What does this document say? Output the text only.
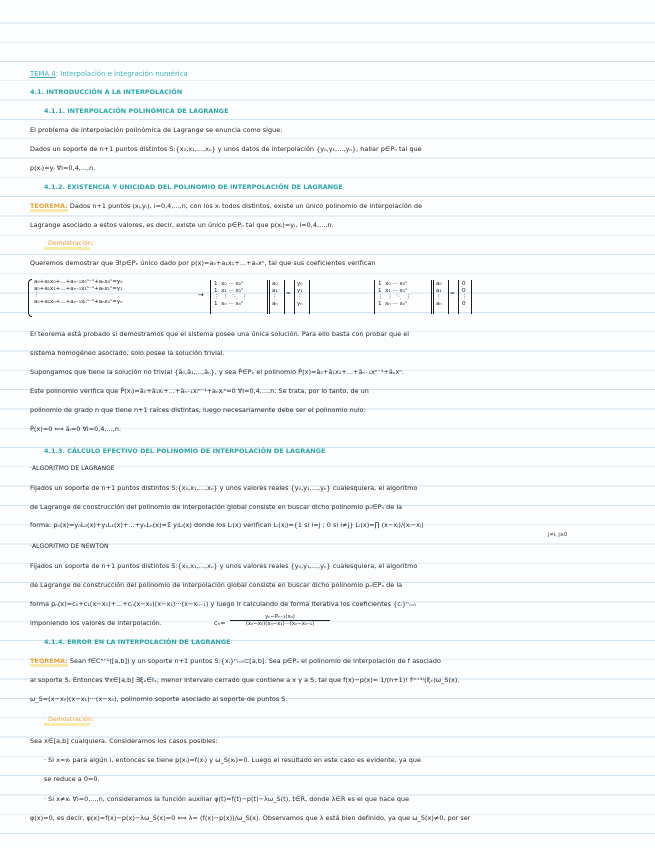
TEMA 4: Interpolación e integración numérica
4.1. INTRODUCCIÓN A LA INTERPOLACIÓN
4.1.1. INTERPOLACIÓN POLINÓMICA DE LAGRANGE
El problema de interpolación polinómica de Lagrange se enuncia como sigue:
Dados un soporte de n+1 puntos distintos S:{x₀,x₁,...,xₙ} y unos datos de interpolación {y₀,y₁,...,yₙ}, hallar p∈Pₙ tal que
p(xᵢ)=yᵢ ∀i=0,4,...,n.
4.1.2. EXISTENCIA Y UNICIDAD DEL POLINOMIO DE INTERPOLACIÓN DE LAGRANGE
TEOREMA: Dados n+1 puntos (xᵢ,yᵢ), i=0,4,...,n, con los xᵢ todos distintos, existe un único polinomio de interpolación de
Lagrange asociado a estos valores, es decir, existe un único p∈Pₙ tal que p(xᵢ)=yᵢ, i=0,4,...,n.
· Demostración:
Queremos demostrar que ∃!p∈Pₙ único dado por p(x)=a₀+a₁x₁+...+aₙxⁿ, tal que sus coeficientes verifican
a₀+a₁x₀+...+aₙ₋₁x₀ⁿ⁻¹+aₙx₀ⁿ=y₀
a₀+a₁x₁+...+aₙ₋₁x₁ⁿ⁻¹+aₙx₁ⁿ=y₁
⋮
a₀+a₁xₙ+...+aₙ₋₁xₙⁿ⁻¹+aₙxₙⁿ=yₙ
→
1  x₀ ··· x₀ⁿ
1  x₁ ··· x₁ⁿ
⋮  ⋮  ⋱  ⋮
1  xₙ ··· xₙⁿ
a₀
a₁
⋮
aₙ
=
y₀
y₁
⋮
yₙ
1  x₀ ··· x₀ⁿ
1  x₁ ··· x₁ⁿ
⋮  ⋮  ⋱  ⋮
1  xₙ ··· xₙⁿ
a₀
a₁
⋮
aₙ
=
0
0
⋮
0
El teorema está probado si demostramos que el sistema posee una única solución. Para ello basta con probar que el
sistema homogéneo asociado, solo posee la solución trivial.
Supongamos que tiene la solución no trivial {ã₀,ã₁,...,ãₙ}, y sea P̃∈Pₙ el polinomio P̃(x)=ã₀+ã₁x₁+...+ãₙ₋₁xⁿ⁻¹+ãₙxⁿ.
Este polinomio verifica que P̃(xᵢ)=ã₀+ã₁xᵢ+...+ãₙ₋₁xᵢⁿ⁻¹+aₙxᵢⁿ=0 ∀i=0,4,...,n. Se trata, por lo tanto, de un
polinomio de grado n que tiene n+1 raíces distintas, luego necesariamente debe ser el polinomio nulo:
P̃(x)=0 ⟺ ãᵢ=0 ∀i=0,4,...,n.
4.1.3. CÁLCULO EFECTIVO DEL POLINOMIO DE INTERPOLACIÓN DE LAGRANGE
·ALGORITMO DE LAGRANGE
Fijados un soporte de n+1 puntos distintos S:{x₀,x₁,...,xₙ} y unos valores reales {y₀,y₁,...,yₙ} cualesquiera, el algoritmo
de Lagrange de construcción del polinomio de interpolación global consiste en buscar dicho polinomio pₙ∈Pₙ de la
forma: pₙ(x)=y₀L₀(x)+y₁L₁(x)+...+yₙLₙ(x)=Σ yᵢLᵢ(x) donde los Lᵢ(x) verifican Lᵢ(xⱼ)={1 si i=j ; 0 si i≠j} Lᵢ(x)=∏ (x−xⱼ)/(xᵢ−xⱼ)
j≠i, j≥0
·ALGORITMO DE NEWTON
Fijados un soporte de n+1 puntos distintos S:{x₀,x₁,...,xₙ} y unos valores reales {y₀,y₁,...,yₙ} cualesquiera, el algoritmo
de Lagrange de construcción del polinomio de interpolación global consiste en buscar dicho polinomio pₙ∈Pₙ de la
forma pₙ(x)=c₀+c₁(x−x₀)+...+cₙ(x−x₀)(x−x₁)···(x−xₙ₋₁) y luego ir calculando de forma iterativa los coeficientes {cᵢ}ⁿᵢ₌₀
imponiendo los valores de interpolación.	$c_n= \frac{\text{yₙ−Pₙ₋₁(xₙ)}}{\text{(xₙ−x₀)(xₙ−x₁)···(xₙ−xₙ₋₁)}}$
4.1.4. ERROR EN LA INTERPOLACIÓN DE LAGRANGE
TEOREMA: Sean f∈Cⁿ⁺¹([a,b]) y un soporte n+1 puntos S:{xᵢ}ⁿᵢ₌₀⊂[a,b]. Sea p∈Pₙ el polinomio de interpolación de f asociado
al soporte S. Entonces ∀x∈[a,b] ∃ξₓ∈Iₓ, menor intervalo cerrado que contiene a x y a S, tal que f(x)−p(x)= 1/(n+1)! f⁽ⁿ⁺¹⁾(ξₓ)ω_S(x).
ω_S=(x−x₀)(x−x₁)···(x−xₙ), polinomio soporte asociado al soporte de puntos S.
· Demostración:
Sea x∈[a,b] cualquiera. Consideramos los casos posibles:
· Si x=xᵢ para algún i, entonces se tiene p(xᵢ)=f(xᵢ) y ω_S(xᵢ)=0. Luego el resultado en este caso es evidente, ya que
se reduce a 0=0.
· Si x≠xᵢ ∀i=0,...,n, consideramos la función auxiliar φ(t)=f(t)−p(t)−λω_S(t), t∈R, donde λ∈R es el que hace que
φ(x)=0, es decir, φ(x)=f(x)−p(x)−λω_S(x)=0 ⟺ λ= (f(x)−p(x))/ω_S(x). Observamos que λ está bien definido, ya que ω_S(x)≠0, por ser
